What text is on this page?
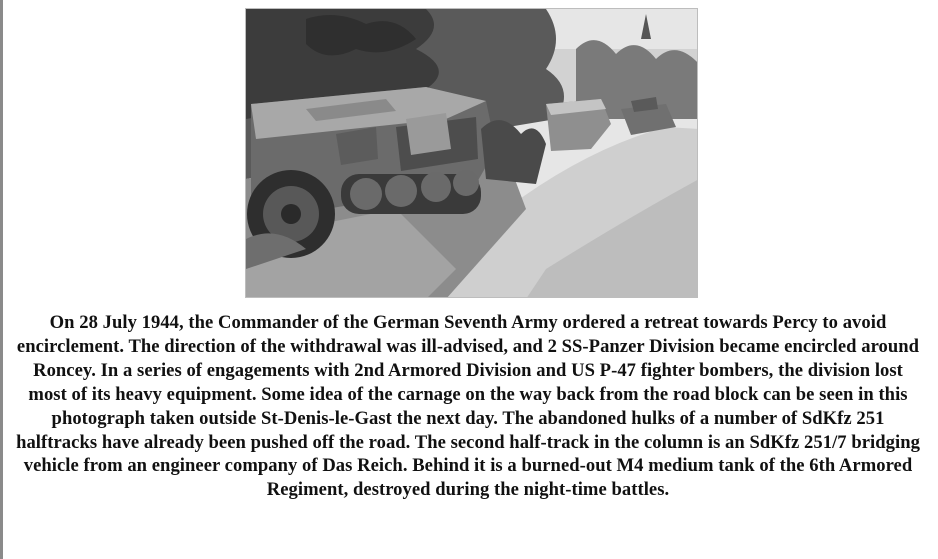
On 28 July 1944, the Commander of the German Seventh Army ordered a retreat towards Percy to avoid encirclement. The direction of the withdrawal was ill-advised, and 2 SS-Panzer Division became encircled around Roncey. In a series of engagements with 2nd Armored Division and US P-47 fighter bombers, the division lost most of its heavy equipment. Some idea of the carnage on the way back from the road block can be seen in this photograph taken outside St-Denis-le-Gast the next day. The abandoned hulks of a number of SdKfz 251 halftracks have already been pushed off the road. The second half-track in the column is an SdKfz 251/7 bridging vehicle from an engineer company of Das Reich. Behind it is a burned-out M4 medium tank of the 6th Armored Regiment, destroyed during the night-time battles.
